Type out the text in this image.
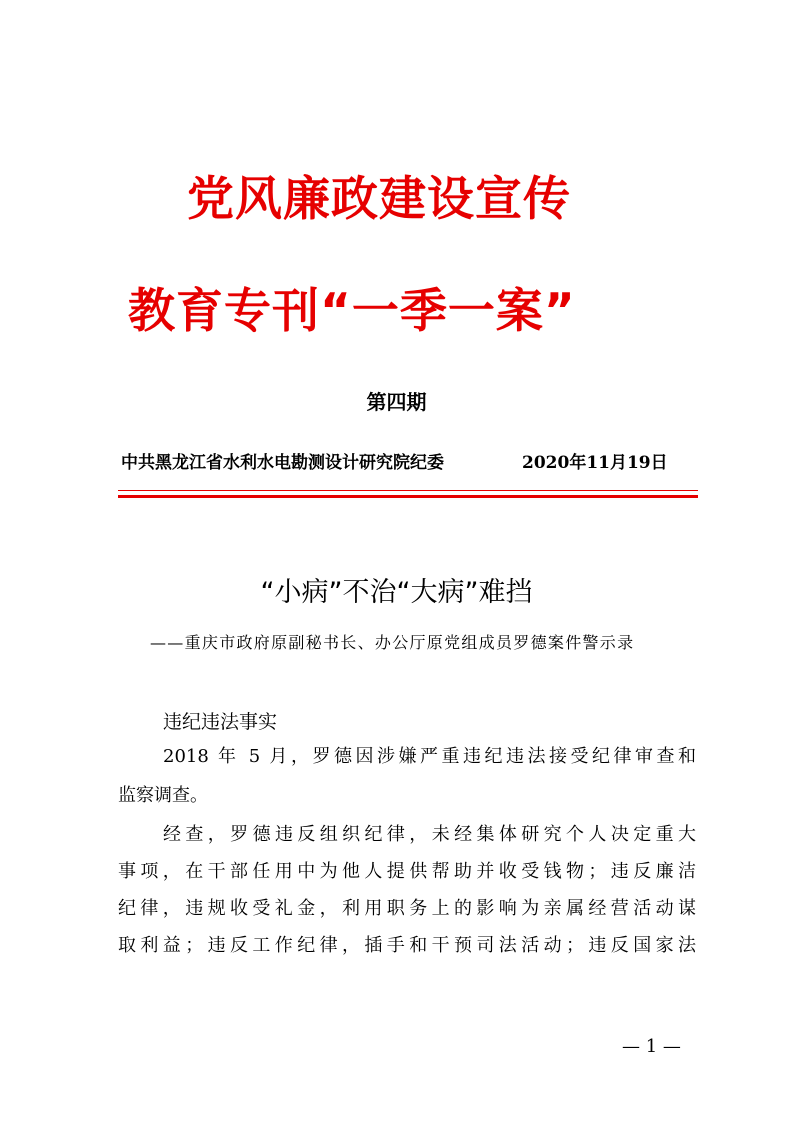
党风廉政建设宣传
教育专刊“一季一案”
第四期
中共黑龙江省水利水电勘测设计研究院纪委	2020年11月19日
“小病”不治“大病”难挡
——重庆市政府原副秘书长、办公厅原党组成员罗德案件警示录
违纪违法事实
2018 年 5 月，罗德因涉嫌严重违纪违法接受纪律审查和
监察调查。
经查，罗德违反组织纪律，未经集体研究个人决定重大
事项，在干部任用中为他人提供帮助并收受钱物；违反廉洁
纪律，违规收受礼金，利用职务上的影响为亲属经营活动谋
取利益；违反工作纪律，插手和干预司法活动；违反国家法
— 1 —
